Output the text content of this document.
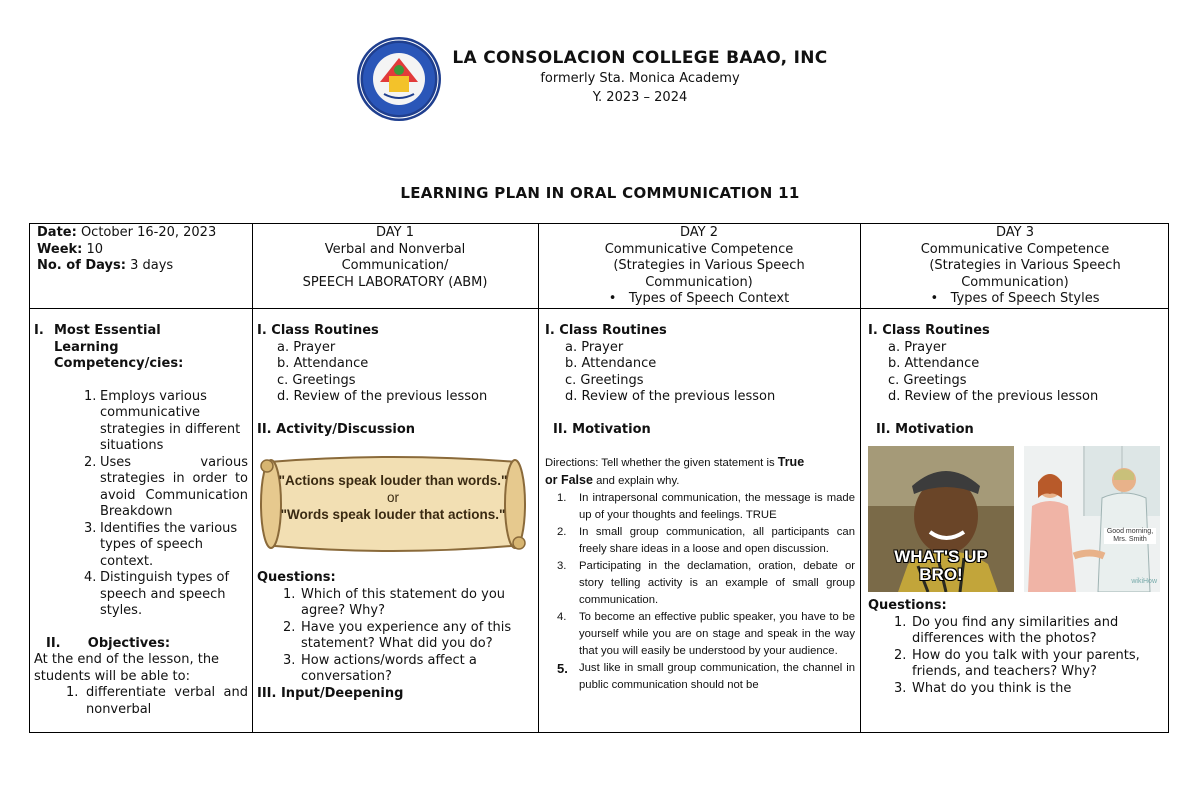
LA CONSOLACION COLLEGE BAAO, INC
formerly Sta. Monica Academy
Y. 2023 – 2024
LEARNING PLAN IN ORAL COMMUNICATION 11
Date: October 16-20, 2023
Week: 10
No. of Days: 3 days
DAY 1
Verbal and Nonverbal
Communication/
SPEECH LABORATORY (ABM)
DAY 2
Communicative Competence
(Strategies in Various Speech
Communication)
•   Types of Speech Context
DAY 3
Communicative Competence
(Strategies in Various Speech
Communication)
•   Types of Speech Styles
I. Most Essential
Learning
Competency/cies:
1. Employs various communicative strategies in different situations
2. Uses various strategies in order to avoid Communication Breakdown
3. Identifies the various types of speech context.
4. Distinguish types of speech and speech styles.
II. Objectives:
At the end of the lesson, the students will be able to:
1. differentiate verbal and nonverbal
I. Class Routines
a. Prayer
b. Attendance
c. Greetings
d. Review of the previous lesson
II. Activity/Discussion
"Actions speak louder than words."
or
"Words speak louder that actions."
Questions:
1. Which of this statement do you agree? Why?
2. Have you experience any of this statement? What did you do?
3. How actions/words affect a conversation?
III. Input/Deepening
I. Class Routines
a. Prayer
b. Attendance
c. Greetings
d. Review of the previous lesson
II. Motivation
Directions: Tell whether the given statement is True
or False and explain why.
1. In intrapersonal communication, the message is made up of your thoughts and feelings. TRUE
2. In small group communication, all participants can freely share ideas in a loose and open discussion.
3. Participating in the declamation, oration, debate or story telling activity is an example of small group communication.
4. To become an effective public speaker, you have to be yourself while you are on stage and speak in the way that you will easily be understood by your audience.
5. Just like in small group communication, the channel in public communication should not be
I. Class Routines
a. Prayer
b. Attendance
c. Greetings
d. Review of the previous lesson
II. Motivation
WHAT'S UP
BRO!
Good morning, Mrs. Smith
wikiHow
Questions:
1. Do you find any similarities and differences with the photos?
2. How do you talk with your parents, friends, and teachers? Why?
3. What do you think is the
